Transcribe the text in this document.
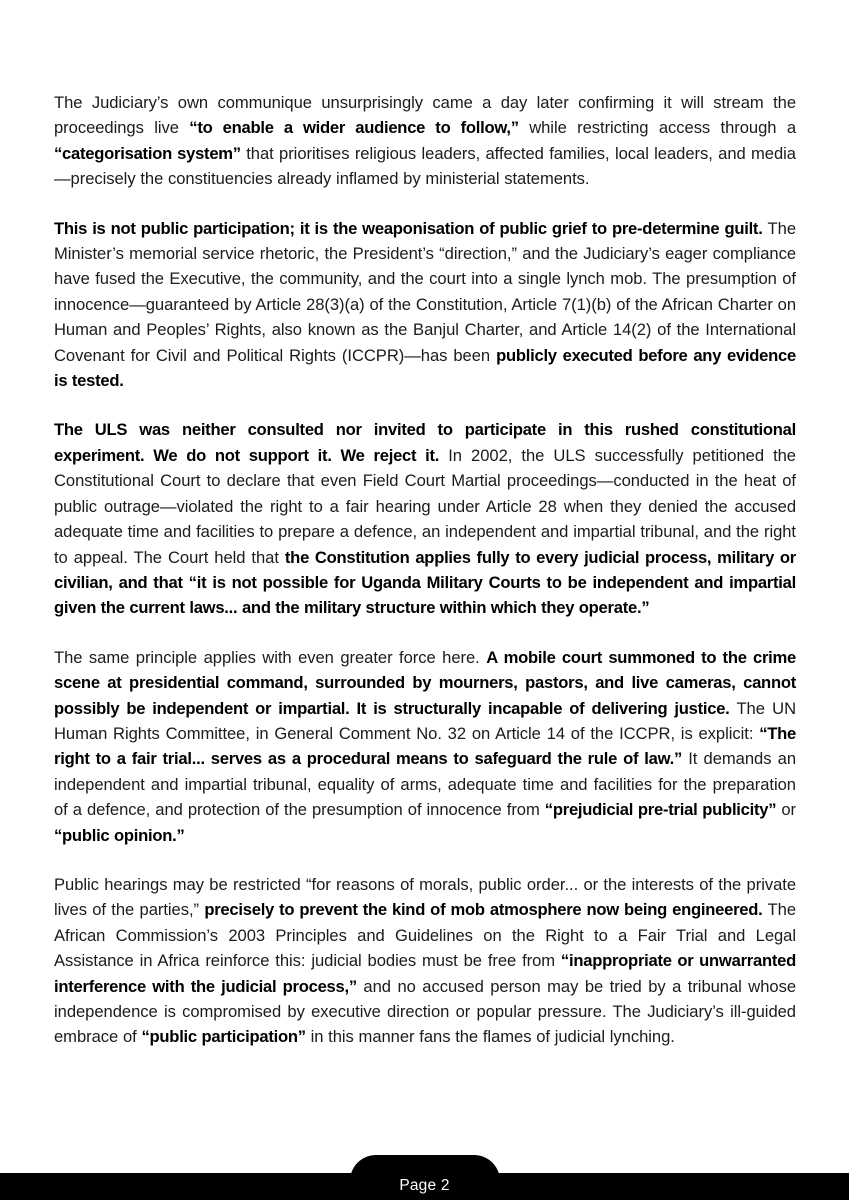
The Judiciary’s own communique unsurprisingly came a day later confirming it will stream the proceedings live “to enable a wider audience to follow,” while restricting access through a “categorisation system” that prioritises religious leaders, affected families, local leaders, and media—precisely the constituencies already inflamed by ministerial statements.

This is not public participation; it is the weaponisation of public grief to pre-determine guilt. The Minister’s memorial service rhetoric, the President’s “direction,” and the Judiciary’s eager compliance have fused the Executive, the community, and the court into a single lynch mob. The presumption of innocence—guaranteed by Article 28(3)(a) of the Constitution, Article 7(1)(b) of the African Charter on Human and Peoples’ Rights, also known as the Banjul Charter, and Article 14(2) of the International Covenant for Civil and Political Rights (ICCPR)—has been publicly executed before any evidence is tested.

The ULS was neither consulted nor invited to participate in this rushed constitutional experiment. We do not support it. We reject it. In 2002, the ULS successfully petitioned the Constitutional Court to declare that even Field Court Martial proceedings—conducted in the heat of public outrage—violated the right to a fair hearing under Article 28 when they denied the accused adequate time and facilities to prepare a defence, an independent and impartial tribunal, and the right to appeal. The Court held that the Constitution applies fully to every judicial process, military or civilian, and that “it is not possible for Uganda Military Courts to be independent and impartial given the current laws... and the military structure within which they operate.”

The same principle applies with even greater force here. A mobile court summoned to the crime scene at presidential command, surrounded by mourners, pastors, and live cameras, cannot possibly be independent or impartial. It is structurally incapable of delivering justice. The UN Human Rights Committee, in General Comment No. 32 on Article 14 of the ICCPR, is explicit: “The right to a fair trial... serves as a procedural means to safeguard the rule of law.” It demands an independent and impartial tribunal, equality of arms, adequate time and facilities for the preparation of a defence, and protection of the presumption of innocence from “prejudicial pre-trial publicity” or “public opinion.”

Public hearings may be restricted “for reasons of morals, public order... or the interests of the private lives of the parties,” precisely to prevent the kind of mob atmosphere now being engineered. The African Commission’s 2003 Principles and Guidelines on the Right to a Fair Trial and Legal Assistance in Africa reinforce this: judicial bodies must be free from “inappropriate or unwarranted interference with the judicial process,” and no accused person may be tried by a tribunal whose independence is compromised by executive direction or popular pressure. The Judiciary’s ill-guided embrace of “public participation” in this manner fans the flames of judicial lynching.

Page 2
